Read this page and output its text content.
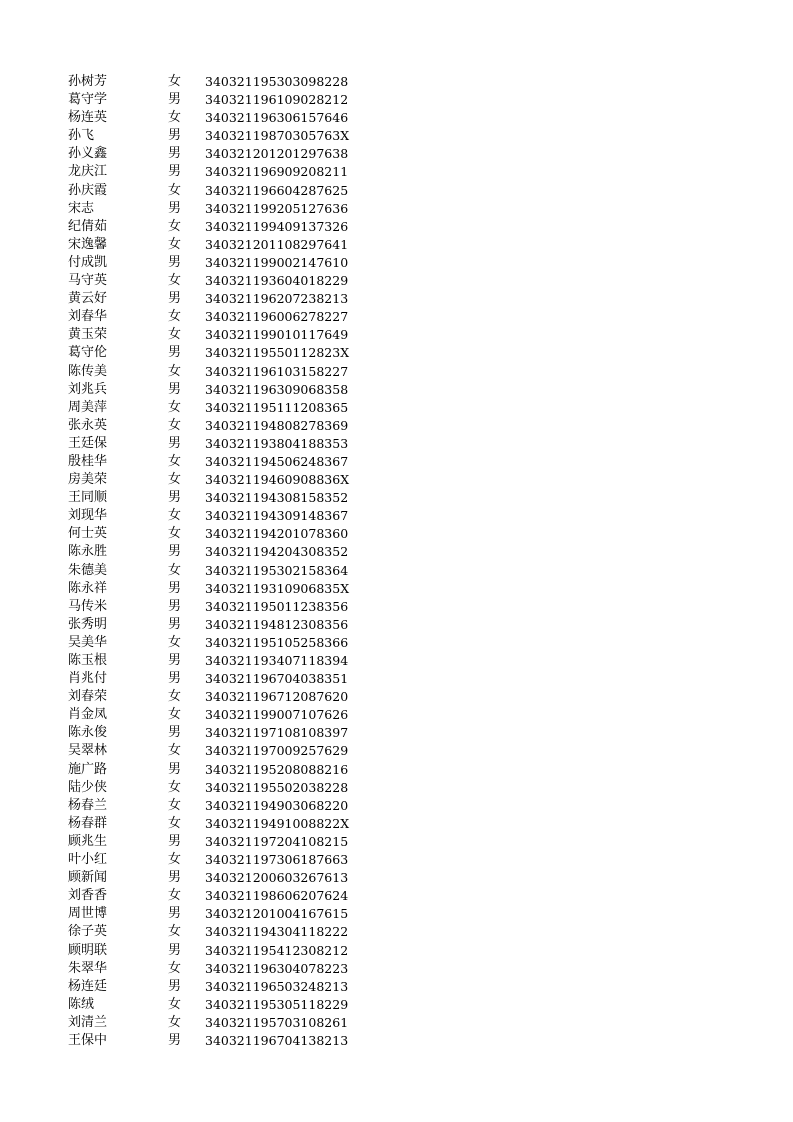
孙树芳	女	340321195303098228
葛守学	男	340321196109028212
杨连英	女	340321196306157646
孙飞	男	34032119870305763X
孙义鑫	男	340321201201297638
龙庆江	男	340321196909208211
孙庆霞	女	340321196604287625
宋志	男	340321199205127636
纪倩茹	女	340321199409137326
宋逸馨	女	340321201108297641
付成凯	男	340321199002147610
马守英	女	340321193604018229
黄云好	男	340321196207238213
刘春华	女	340321196006278227
黄玉荣	女	340321199010117649
葛守伦	男	34032119550112823X
陈传美	女	340321196103158227
刘兆兵	男	340321196309068358
周美萍	女	340321195111208365
张永英	女	340321194808278369
王廷保	男	340321193804188353
殷桂华	女	340321194506248367
房美荣	女	34032119460908836X
王同顺	男	340321194308158352
刘现华	女	340321194309148367
何士英	女	340321194201078360
陈永胜	男	340321194204308352
朱德美	女	340321195302158364
陈永祥	男	34032119310906835X
马传米	男	340321195011238356
张秀明	男	340321194812308356
吴美华	女	340321195105258366
陈玉根	男	340321193407118394
肖兆付	男	340321196704038351
刘春荣	女	340321196712087620
肖金凤	女	340321199007107626
陈永俊	男	340321197108108397
吴翠林	女	340321197009257629
施广路	男	340321195208088216
陆少侠	女	340321195502038228
杨春兰	女	340321194903068220
杨春群	女	34032119491008822X
顾兆生	男	340321197204108215
叶小红	女	340321197306187663
顾新闻	男	340321200603267613
刘香香	女	340321198606207624
周世博	男	340321201004167615
徐子英	女	340321194304118222
顾明联	男	340321195412308212
朱翠华	女	340321196304078223
杨连廷	男	340321196503248213
陈绒	女	340321195305118229
刘清兰	女	340321195703108261
王保中	男	340321196704138213
